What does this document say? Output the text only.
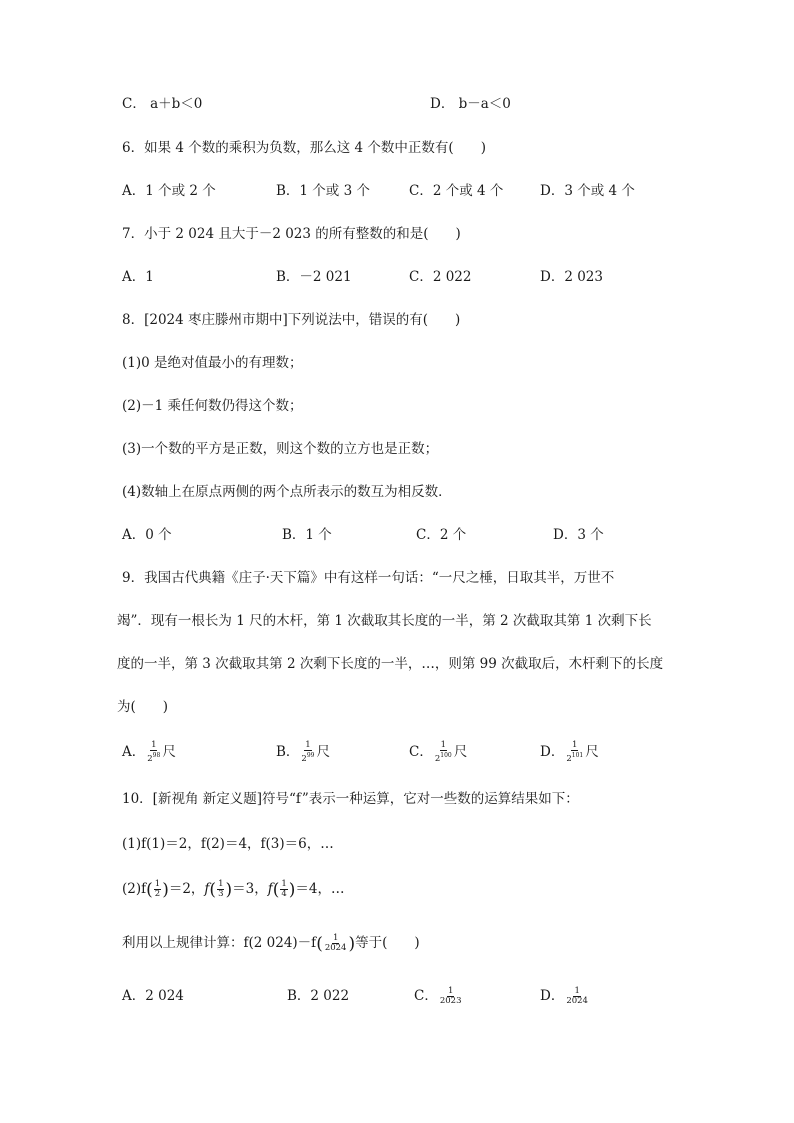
C． a＋b＜0	D． b－a＜0
6．如果 4 个数的乘积为负数，那么这 4 个数中正数有(　　)
A．1 个或 2 个	B．1 个或 3 个	C．2 个或 4 个	D．3 个或 4 个
7．小于 2 024 且大于－2 023 的所有整数的和是(　　)
A．1	B．－2 021	C．2 022	D．2 023
8．[2024 枣庄滕州市期中]下列说法中，错误的有(　　)
(1)0 是绝对值最小的有理数；
(2)－1 乘任何数仍得这个数；
(3)一个数的平方是正数，则这个数的立方也是正数；
(4)数轴上在原点两侧的两个点所表示的数互为相反数．
A．0 个	B．1 个	C．2 个	D．3 个
9．我国古代典籍《庄子·天下篇》中有这样一句话：“一尺之棰，日取其半，万世不
竭”．现有一根长为 1 尺的木杆，第 1 次截取其长度的一半，第 2 次截取其第 1 次剩下长
度的一半，第 3 次截取其第 2 次剩下长度的一半，…，则第 99 次截取后，木杆剩下的长度
为(　　)
A． $\frac{1}{2^{98}}$ 尺	B． $\frac{1}{2^{99}}$ 尺	C． $\frac{1}{2^{100}}$ 尺	D． $\frac{1}{2^{101}}$ 尺
10．[新视角 新定义题]符号“f”表示一种运算，它对一些数的运算结果如下：
(1)f(1)＝2，f(2)＝4，f(3)＝6，…
$(2)f( \frac{1}{2} )=2$，$f( \frac{1}{3} )=3$，$f( \frac{1}{4} )=4$，…
利用以上规律计算：f(2 $024)-f( \frac{1}{2024}$ )等于(　　)
A．2 024	B．2 022	C． $\frac{1}{2023}$	D． $\frac{1}{2024}$
